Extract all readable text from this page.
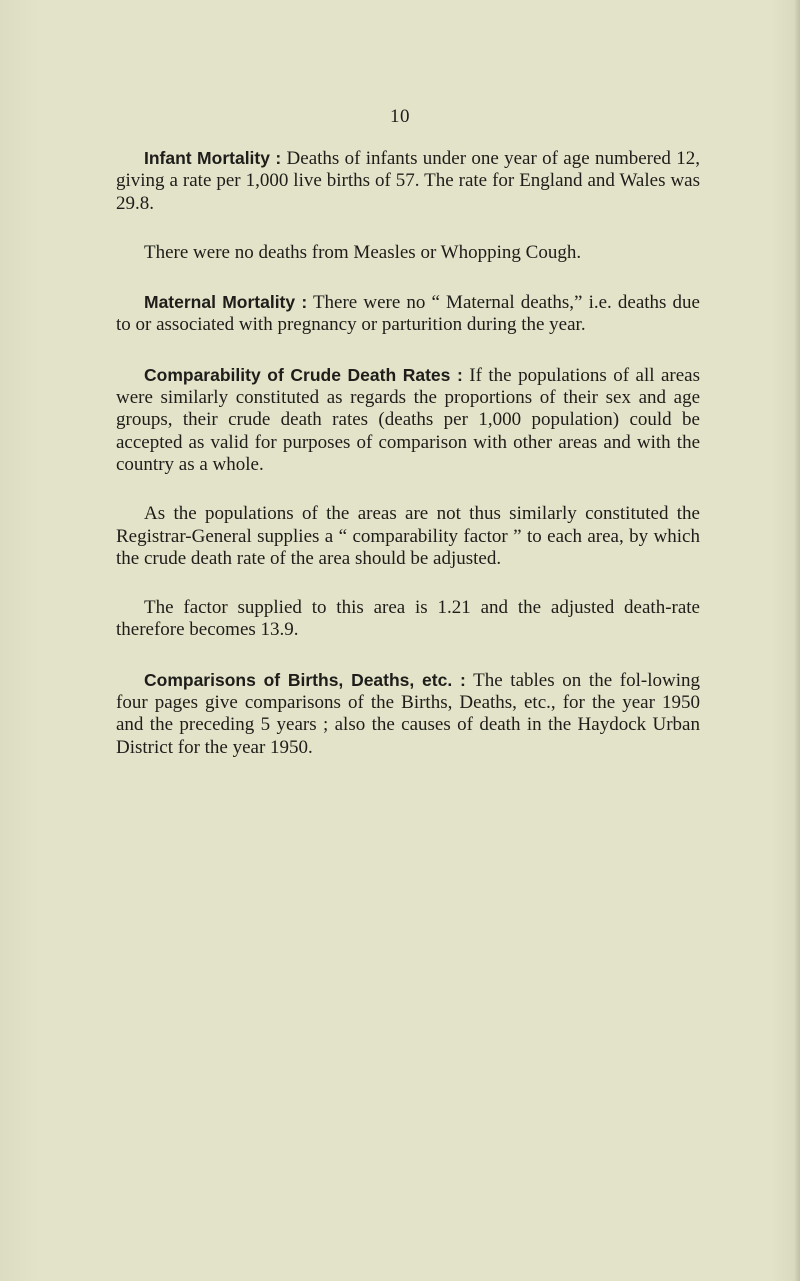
10

Infant Mortality : Deaths of infants under one year of age numbered 12, giving a rate per 1,000 live births of 57. The rate for England and Wales was 29.8.

There were no deaths from Measles or Whopping Cough.

Maternal Mortality : There were no “ Maternal deaths,” i.e. deaths due to or associated with pregnancy or parturition during the year.

Comparability of Crude Death Rates : If the populations of all areas were similarly constituted as regards the proportions of their sex and age groups, their crude death rates (deaths per 1,000 population) could be accepted as valid for purposes of comparison with other areas and with the country as a whole.

As the populations of the areas are not thus similarly constituted the Registrar-General supplies a “ comparability factor ” to each area, by which the crude death rate of the area should be adjusted.

The factor supplied to this area is 1.21 and the adjusted death-rate therefore becomes 13.9.

Comparisons of Births, Deaths, etc. : The tables on the fol-lowing four pages give comparisons of the Births, Deaths, etc., for the year 1950 and the preceding 5 years ; also the causes of death in the Haydock Urban District for the year 1950.
